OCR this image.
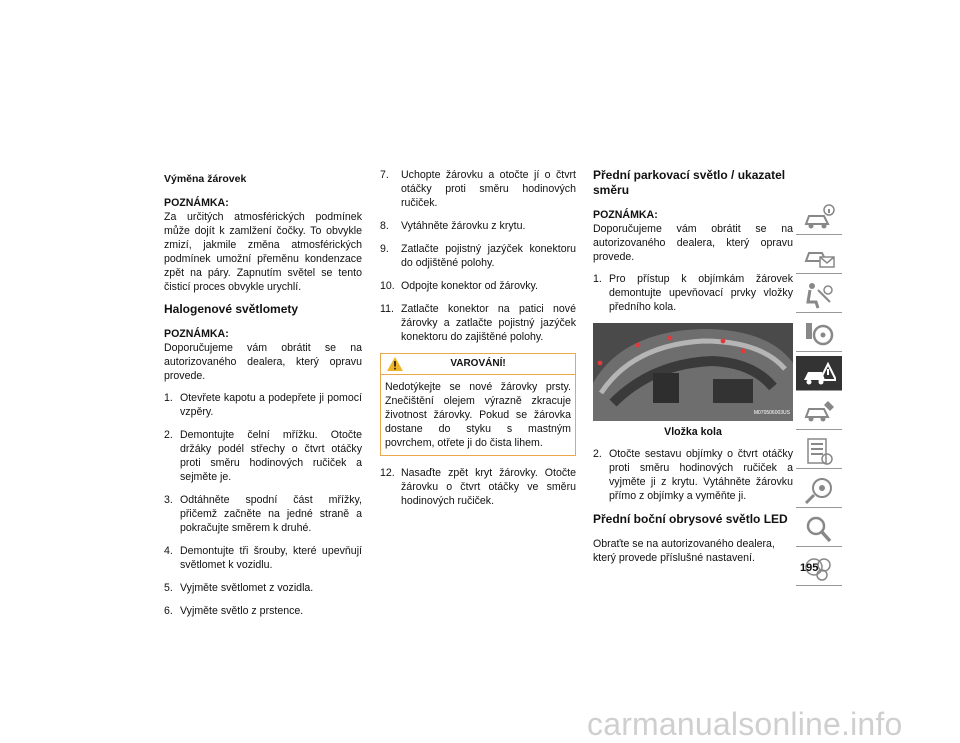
Výměna žárovek
POZNÁMKA:

Za určitých atmosférických podmínek může dojít k zamlžení čočky. To obvykle zmizí, jakmile změna atmosférických podmínek umožní přeměnu kondenzace zpět na páry. Zapnutím světel se tento čisticí proces obvykle urychlí.

Halogenové světlomety
POZNÁMKA:

Doporučujeme vám obrátit se na autorizovaného dealera, který opravu provede.

1. Otevřete kapotu a podepřete ji pomocí vzpěry.
2. Demontujte čelní mřížku. Otočte držáky podél střechy o čtvrt otáčky proti směru hodinových ručiček a sejměte je.
3. Odtáhněte spodní část mřížky, přičemž začněte na jedné straně a pokračujte směrem k druhé.
4. Demontujte tři šrouby, které upevňují světlomet k vozidlu.
5. Vyjměte světlomet z vozidla.
6. Vyjměte světlo z prstence.
7. Uchopte žárovku a otočte jí o čtvrt otáčky proti směru hodinových ručiček.
8. Vytáhněte žárovku z krytu.
9. Zatlačte pojistný jazýček konektoru do odjištěné polohy.
10. Odpojte konektor od žárovky.
11. Zatlačte konektor na patici nové žárovky a zatlačte pojistný jazýček konektoru do zajištěné polohy.
VAROVÁNÍ!
Nedotýkejte se nové žárovky prsty. Znečištění olejem výrazně zkracuje životnost žárovky. Pokud se žárovka dostane do styku s mastným povrchem, otřete ji do čista lihem.
12. Nasaďte zpět kryt žárovky. Otočte žárovku o čtvrt otáčky ve směru hodinových ručiček.
Přední parkovací světlo / ukazatel směru
POZNÁMKA:

Doporučujeme vám obrátit se na autorizovaného dealera, který opravu provede.

1. Pro přístup k objímkám žárovek demontujte upevňovací prvky vložky předního kola.
M070506003US
Vložka kola
2. Otočte sestavu objímky o čtvrt otáčky proti směru hodinových ručiček a vyjměte ji z krytu. Vytáhněte žárovku přímo z objímky a vyměňte ji.
Přední boční obrysové světlo LED

Obraťte se na autorizovaného dealera, který provede příslušné nastavení.

195
carmanualsonline.info
